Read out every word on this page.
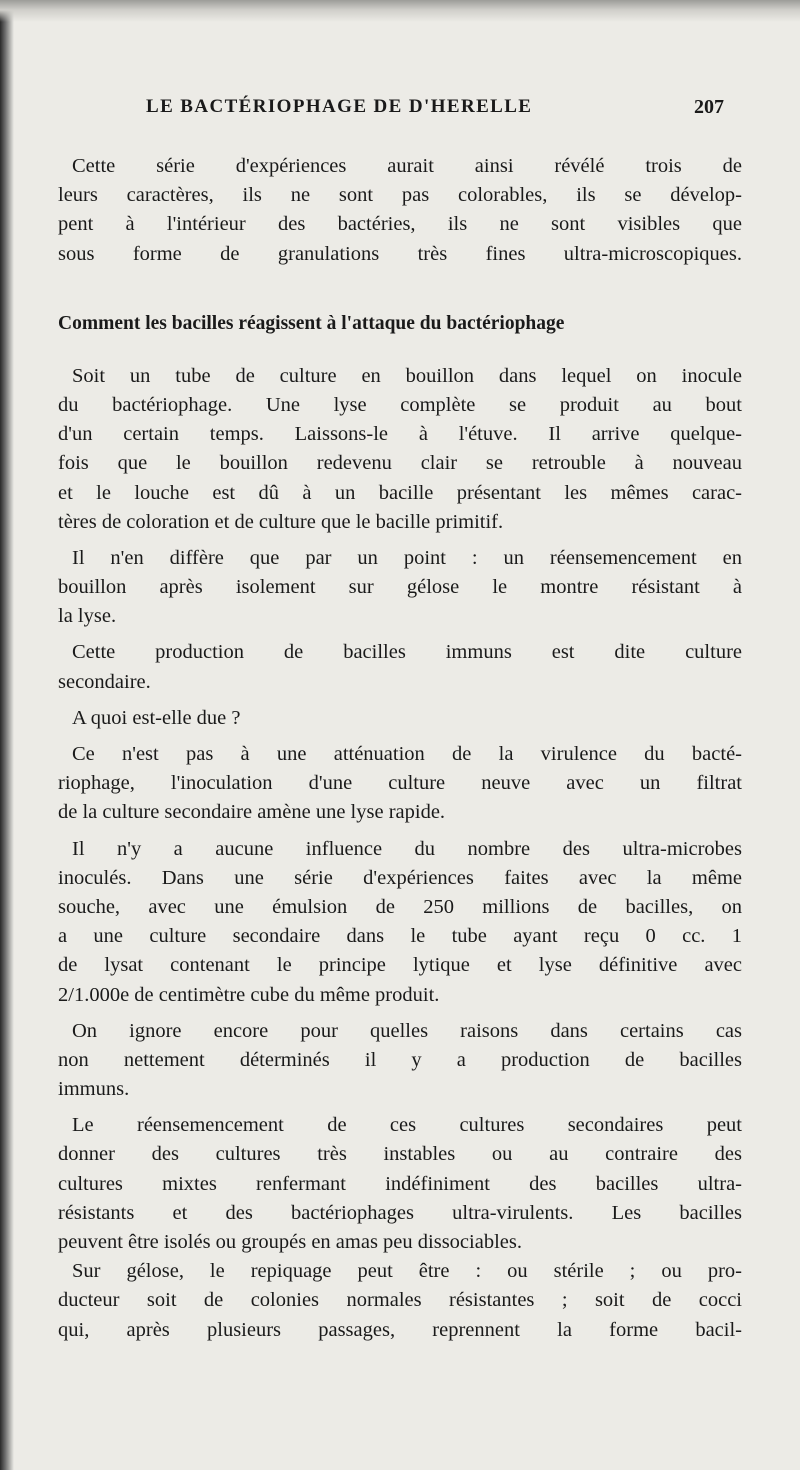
LE BACTÉRIOPHAGE DE D'HERELLE	207
Cette série d'expériences aurait ainsi révélé trois de
leurs caractères, ils ne sont pas colorables, ils se dévelop-
pent à l'intérieur des bactéries, ils ne sont visibles que
sous forme de granulations très fines ultra-microscopiques.
Comment les bacilles réagissent à l'attaque du bactériophage
Soit un tube de culture en bouillon dans lequel on inocule
du bactériophage. Une lyse complète se produit au bout
d'un certain temps. Laissons-le à l'étuve. Il arrive quelque-
fois que le bouillon redevenu clair se retrouble à nouveau
et le louche est dû à un bacille présentant les mêmes carac-
tères de coloration et de culture que le bacille primitif.
Il n'en diffère que par un point : un réensemencement en
bouillon après isolement sur gélose le montre résistant à
la lyse.
Cette production de bacilles immuns est dite culture
secondaire.
A quoi est-elle due ?
Ce n'est pas à une atténuation de la virulence du bacté-
riophage, l'inoculation d'une culture neuve avec un filtrat
de la culture secondaire amène une lyse rapide.
Il n'y a aucune influence du nombre des ultra-microbes
inoculés. Dans une série d'expériences faites avec la même
souche, avec une émulsion de 250 millions de bacilles, on
a une culture secondaire dans le tube ayant reçu 0 cc. 1
de lysat contenant le principe lytique et lyse définitive avec
2/1.000e de centimètre cube du même produit.
On ignore encore pour quelles raisons dans certains cas
non nettement déterminés il y a production de bacilles
immuns.
Le réensemencement de ces cultures secondaires peut
donner des cultures très instables ou au contraire des
cultures mixtes renfermant indéfiniment des bacilles ultra-
résistants et des bactériophages ultra-virulents. Les bacilles
peuvent être isolés ou groupés en amas peu dissociables.
Sur gélose, le repiquage peut être : ou stérile ; ou pro-
ducteur soit de colonies normales résistantes ; soit de cocci
qui, après plusieurs passages, reprennent la forme bacil-
